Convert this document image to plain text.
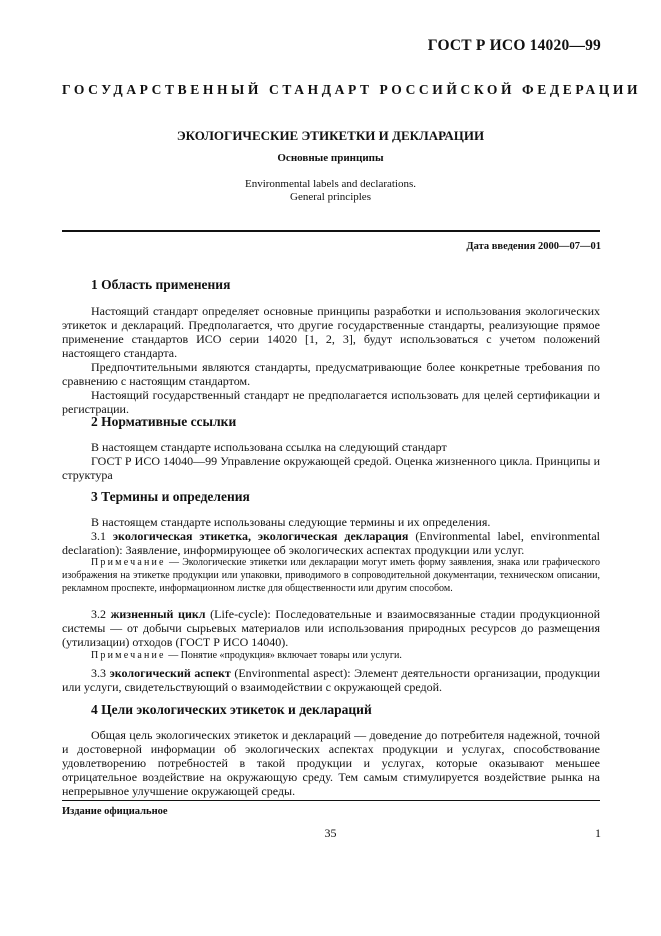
ГОСТ Р ИСО 14020—99
ГОСУДАРСТВЕННЫЙ СТАНДАРТ РОССИЙСКОЙ ФЕДЕРАЦИИ
ЭКОЛОГИЧЕСКИЕ ЭТИКЕТКИ И ДЕКЛАРАЦИИ
Основные принципы
Environmental labels and declarations.
General principles
Дата введения 2000—07—01
1 Область применения

Настоящий стандарт определяет основные принципы разработки и использования экологических этикеток и деклараций. Предполагается, что другие государственные стандарты, реализующие прямое применение стандартов ИСО серии 14020 [1, 2, 3], будут использоваться с учетом положений настоящего стандарта.

Предпочтительными являются стандарты, предусматривающие более конкретные требования по сравнению с настоящим стандартом.

Настоящий государственный стандарт не предполагается использовать для целей сертификации и регистрации.

2 Нормативные ссылки

В настоящем стандарте использована ссылка на следующий стандарт

ГОСТ Р ИСО 14040—99 Управление окружающей средой. Оценка жизненного цикла. Принципы и структура

3 Термины и определения

В настоящем стандарте использованы следующие термины и их определения.

3.1 экологическая этикетка, экологическая декларация (Environmental label, environmental declaration): Заявление, информирующее об экологических аспектах продукции или услуг.

Примечание — Экологические этикетки или декларации могут иметь форму заявления, знака или графического изображения на этикетке продукции или упаковки, приводимого в сопроводительной документации, техническом описании, рекламном проспекте, информационном листке для общественности или другим способом.

3.2 жизненный цикл (Life-cycle): Последовательные и взаимосвязанные стадии продукционной системы — от добычи сырьевых материалов или использования природных ресурсов до размещения (утилизации) отходов (ГОСТ Р ИСО 14040).

Примечание — Понятие «продукция» включает товары или услуги.

3.3 экологический аспект (Environmental aspect): Элемент деятельности организации, продукции или услуги, свидетельствующий о взаимодействии с окружающей средой.

4 Цели экологических этикеток и деклараций

Общая цель экологических этикеток и деклараций — доведение до потребителя надежной, точной и достоверной информации об экологических аспектах продукции и услугах, способствование удовлетворению потребностей в такой продукции и услугах, которые оказывают меньшее отрицательное воздействие на окружающую среду. Тем самым стимулируется воздействие рынка на непрерывное улучшение окружающей среды.

Издание официальное
35	1
